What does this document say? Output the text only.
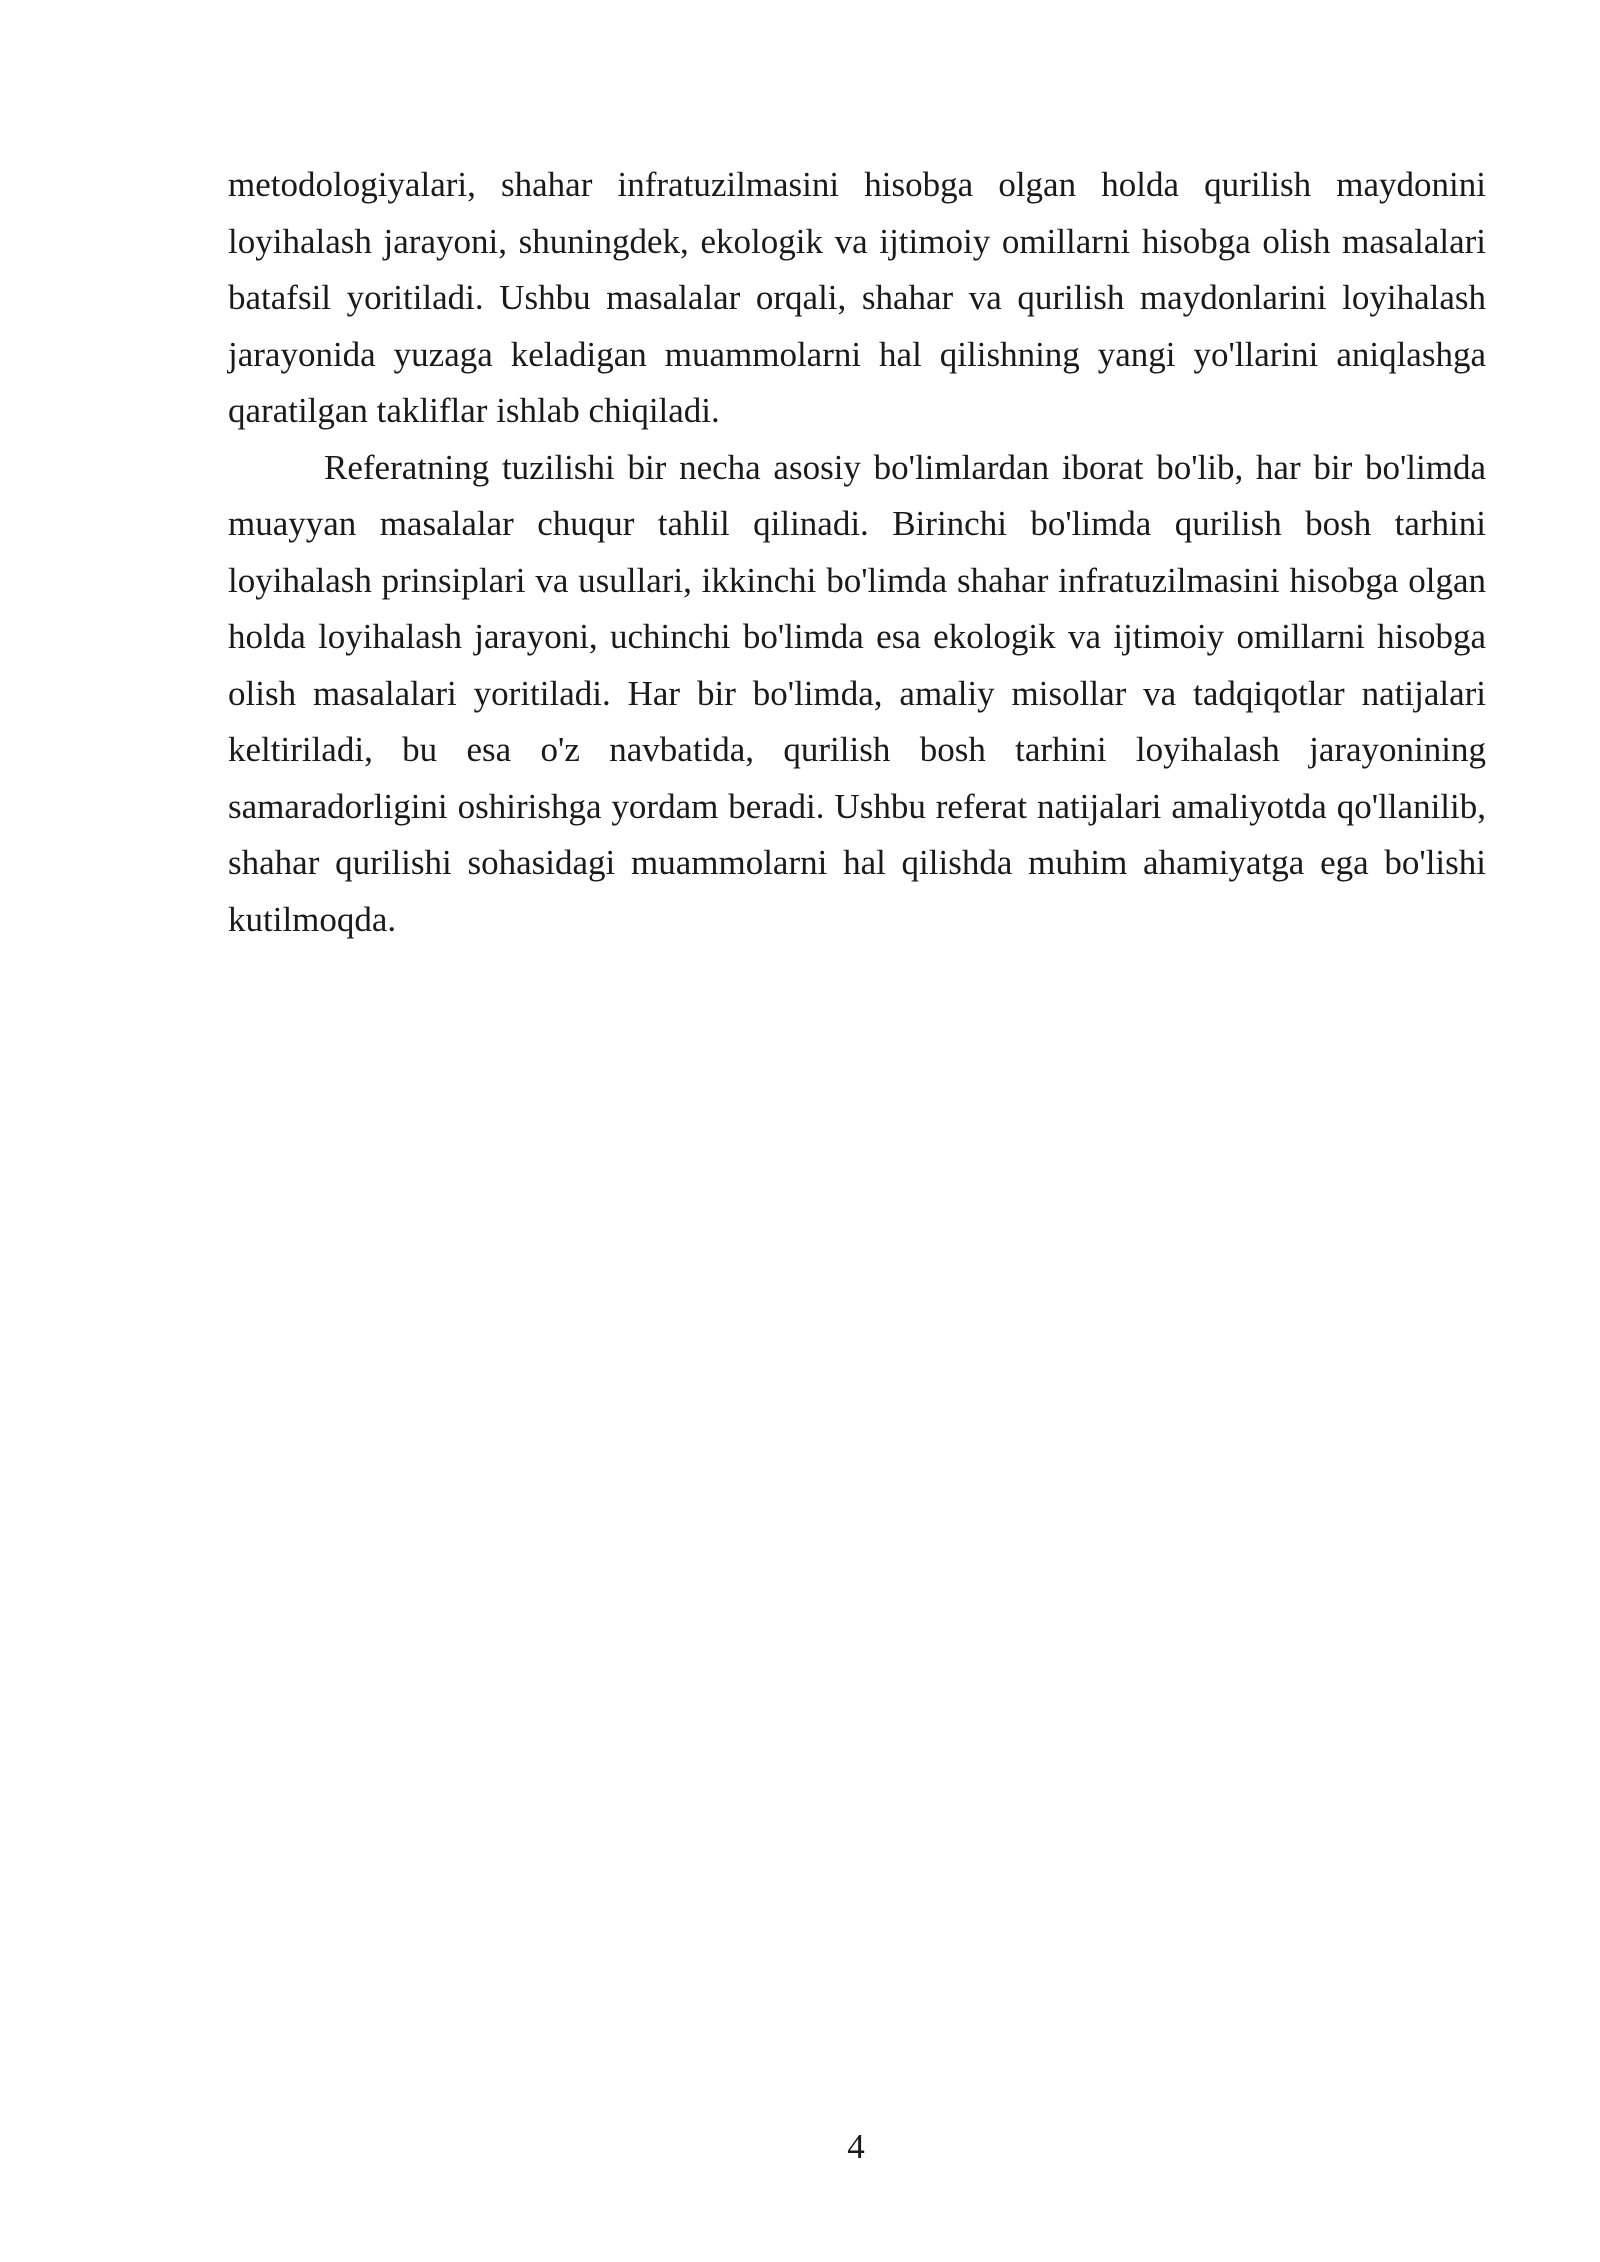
metodologiyalari, shahar infratuzilmasini hisobga olgan holda qurilish maydonini loyihalash jarayoni, shuningdek, ekologik va ijtimoiy omillarni hisobga olish masalalari batafsil yoritiladi. Ushbu masalalar orqali, shahar va qurilish maydonlarini loyihalash jarayonida yuzaga keladigan muammolarni hal qilishning yangi yo'llarini aniqlashga qaratilgan takliflar ishlab chiqiladi.

Referatning tuzilishi bir necha asosiy bo'limlardan iborat bo'lib, har bir bo'limda muayyan masalalar chuqur tahlil qilinadi. Birinchi bo'limda qurilish bosh tarhini loyihalash prinsiplari va usullari, ikkinchi bo'limda shahar infratuzilmasini hisobga olgan holda loyihalash jarayoni, uchinchi bo'limda esa ekologik va ijtimoiy omillarni hisobga olish masalalari yoritiladi. Har bir bo'limda, amaliy misollar va tadqiqotlar natijalari keltiriladi, bu esa o'z navbatida, qurilish bosh tarhini loyihalash jarayonining samaradorligini oshirishga yordam beradi. Ushbu referat natijalari amaliyotda qo'llanilib, shahar qurilishi sohasidagi muammolarni hal qilishda muhim ahamiyatga ega bo'lishi kutilmoqda.

4
